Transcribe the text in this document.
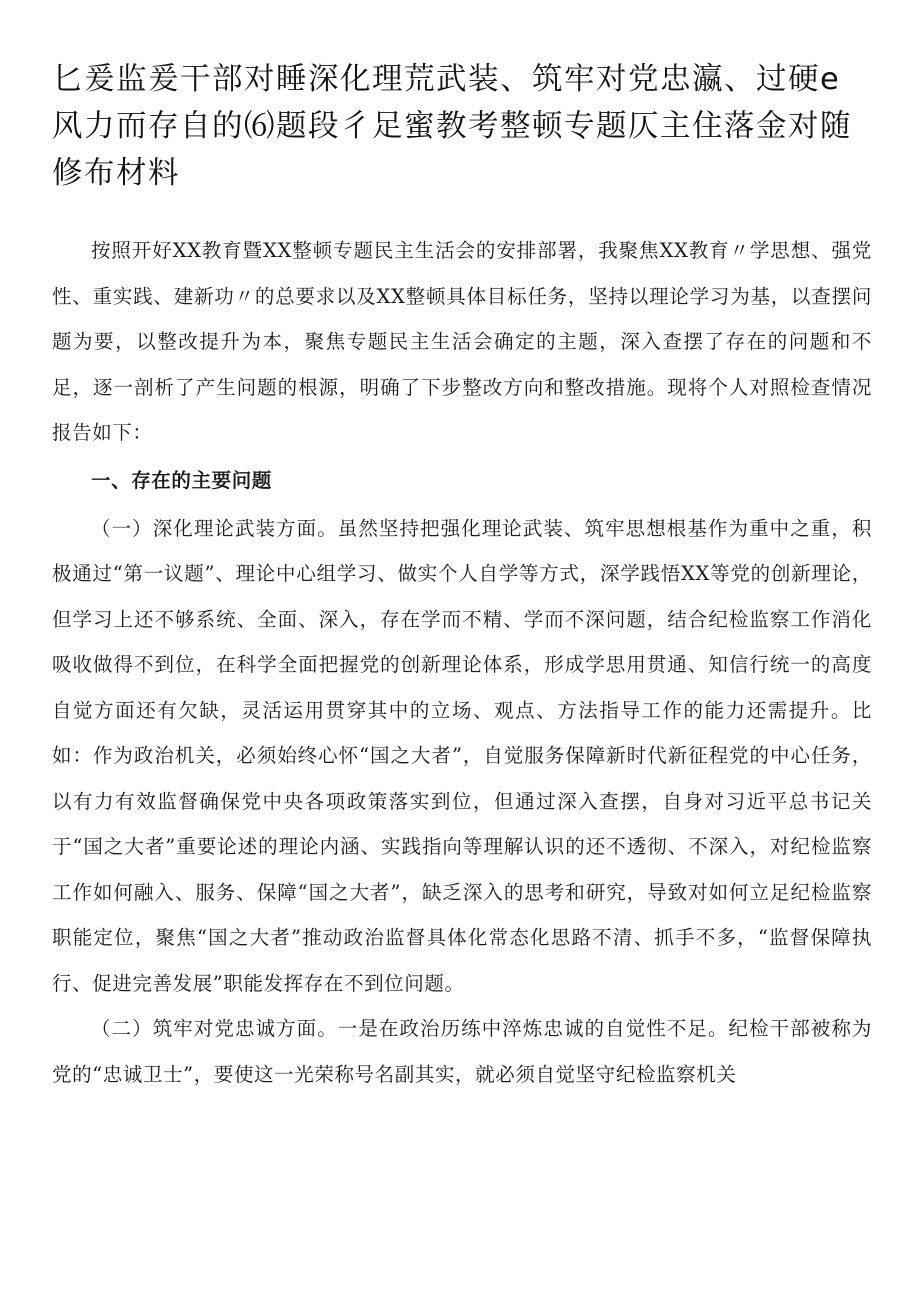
匕爰监爰干部对睡深化理荒武装、筑牢对党忠瀛、过硬e
风力而存自的⑹题段彳足蜜教考整顿专题仄主住落金对随
修布材料

按照开好XX教育暨XX整顿专题民主生活会的安排部署，我聚焦XX教育〃学思想、强党性、重实践、建新功〃的总要求以及XX整顿具体目标任务，坚持以理论学习为基，以查摆问题为要，以整改提升为本，聚焦专题民主生活会确定的主题，深入查摆了存在的问题和不足，逐一剖析了产生问题的根源，明确了下步整改方向和整改措施。现将个人对照检查情况报告如下：

一、存在的主要问题

（一）深化理论武装方面。虽然坚持把强化理论武装、筑牢思想根基作为重中之重，积极通过“第一议题”、理论中心组学习、做实个人自学等方式，深学践悟XX等党的创新理论，但学习上还不够系统、全面、深入，存在学而不精、学而不深问题，结合纪检监察工作消化吸收做得不到位，在科学全面把握党的创新理论体系，形成学思用贯通、知信行统一的高度自觉方面还有欠缺，灵活运用贯穿其中的立场、观点、方法指导工作的能力还需提升。比如：作为政治机关，必须始终心怀“国之大者”，自觉服务保障新时代新征程党的中心任务，以有力有效监督确保党中央各项政策落实到位，但通过深入查摆，自身对习近平总书记关于“国之大者”重要论述的理论内涵、实践指向等理解认识的还不透彻、不深入，对纪检监察工作如何融入、服务、保障“国之大者”，缺乏深入的思考和研究，导致对如何立足纪检监察职能定位，聚焦“国之大者”推动政治监督具体化常态化思路不清、抓手不多，“监督保障执行、促进完善发展”职能发挥存在不到位问题。

（二）筑牢对党忠诚方面。一是在政治历练中淬炼忠诚的自觉性不足。纪检干部被称为党的“忠诚卫士”，要使这一光荣称号名副其实，就必须自觉坚守纪检监察机关
